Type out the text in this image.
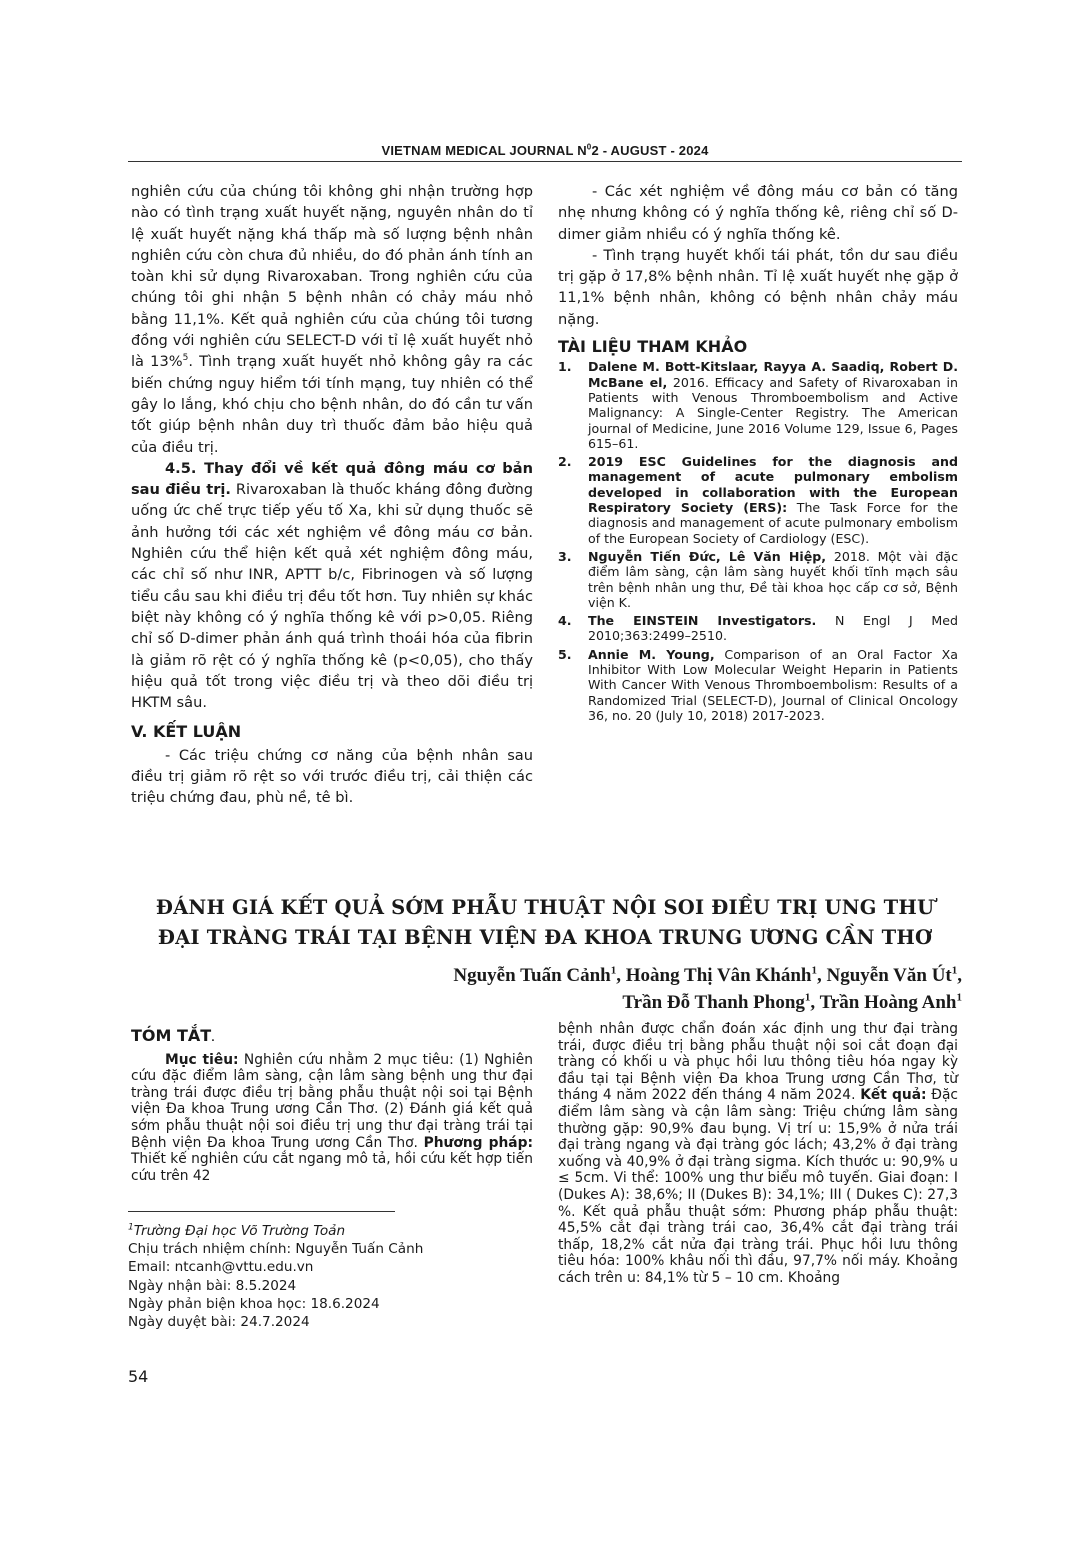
VIETNAM MEDICAL JOURNAL $N^02$ - AUGUST - 2024

nghiên cứu của chúng tôi không ghi nhận trường hợp nào có tình trạng xuất huyết nặng, nguyên nhân do tỉ lệ xuất huyết nặng khá thấp mà số lượng bệnh nhân nghiên cứu còn chưa đủ nhiều, do đó phản ánh tính an toàn khi sử dụng Rivaroxaban. Trong nghiên cứu của chúng tôi ghi nhận 5 bệnh nhân có chảy máu nhỏ bằng 11,1%. Kết quả nghiên cứu của chúng tôi tương đồng với nghiên cứu SELECT-D với tỉ lệ xuất huyết nhỏ là 13%$^5$. Tình trạng xuất huyết nhỏ không gây ra các biến chứng nguy hiểm tới tính mạng, tuy nhiên có thể gây lo lắng, khó chịu cho bệnh nhân, do đó cần tư vấn tốt giúp bệnh nhân duy trì thuốc đảm bảo hiệu quả của điều trị.

4.5. Thay đổi về kết quả đông máu cơ bản sau điều trị. Rivaroxaban là thuốc kháng đông đường uống ức chế trực tiếp yếu tố Xa, khi sử dụng thuốc sẽ ảnh hưởng tới các xét nghiệm về đông máu cơ bản. Nghiên cứu thể hiện kết quả xét nghiệm đông máu, các chỉ số như INR, APTT b/c, Fibrinogen và số lượng tiểu cầu sau khi điều trị đều tốt hơn. Tuy nhiên sự khác biệt này không có ý nghĩa thống kê với p>0,05. Riêng chỉ số D-dimer phản ánh quá trình thoái hóa của fibrin là giảm rõ rệt có ý nghĩa thống kê (p<0,05), cho thấy hiệu quả tốt trong việc điều trị và theo dõi điều trị HKTM sâu.

V. KẾT LUẬN

- Các triệu chứng cơ năng của bệnh nhân sau điều trị giảm rõ rệt so với trước điều trị, cải thiện các triệu chứng đau, phù nề, tê bì.

- Các xét nghiệm về đông máu cơ bản có tăng nhẹ nhưng không có ý nghĩa thống kê, riêng chỉ số D-dimer giảm nhiều có ý nghĩa thống kê.

- Tình trạng huyết khối tái phát, tồn dư sau điều trị gặp ở 17,8% bệnh nhân. Tỉ lệ xuất huyết nhẹ gặp ở 11,1% bệnh nhân, không có bệnh nhân chảy máu nặng.

TÀI LIỆU THAM KHẢO
1. Dalene M. Bott-Kitslaar, Rayya A. Saadiq, Robert D. McBane el, 2016. Efficacy and Safety of Rivaroxaban in Patients with Venous Thromboembolism and Active Malignancy: A Single-Center Registry. The American journal of Medicine, June 2016 Volume 129, Issue 6, Pages 615–61.
2. 2019 ESC Guidelines for the diagnosis and management of acute pulmonary embolism developed in collaboration with the European Respiratory Society (ERS): The Task Force for the diagnosis and management of acute pulmonary embolism of the European Society of Cardiology (ESC).
3. Nguyễn Tiến Đức, Lê Văn Hiệp, 2018. Một vài đặc điểm lâm sàng, cận lâm sàng huyết khối tĩnh mạch sâu trên bệnh nhân ung thư, Đề tài khoa học cấp cơ sở, Bệnh viện K.
4. The EINSTEIN Investigators. N Engl J Med 2010;363:2499–2510.
5. Annie M. Young, Comparison of an Oral Factor Xa Inhibitor With Low Molecular Weight Heparin in Patients With Cancer With Venous Thromboembolism: Results of a Randomized Trial (SELECT-D), Journal of Clinical Oncology 36, no. 20 (July 10, 2018) 2017-2023.
ĐÁNH GIÁ KẾT QUẢ SỚM PHẪU THUẬT NỘI SOI ĐIỀU TRỊ UNG THƯ
ĐẠI TRÀNG TRÁI TẠI BỆNH VIỆN ĐA KHOA TRUNG ƯƠNG CẦN THƠ
Nguyễn Tuấn Cảnh$^1$, Hoàng Thị Vân Khánh$^1$, Nguyễn Văn $Út^1$,
Trần Đỗ Thanh Phong$^1$, Trần Hoàng Anh$^1$
TÓM TẮT.

Mục tiêu: Nghiên cứu nhằm 2 mục tiêu: (1) Nghiên cứu đặc điểm lâm sàng, cận lâm sàng bệnh ung thư đại tràng trái được điều trị bằng phẫu thuật nội soi tại Bệnh viện Đa khoa Trung ương Cần Thơ. (2) Đánh giá kết quả sớm phẫu thuật nội soi điều trị ung thư đại tràng trái tại Bệnh viện Đa khoa Trung ương Cần Thơ. Phương pháp: Thiết kế nghiên cứu cắt ngang mô tả, hồi cứu kết hợp tiến cứu trên 42

bệnh nhân được chẩn đoán xác định ung thư đại tràng trái, được điều trị bằng phẫu thuật nội soi cắt đoạn đại tràng có khối u và phục hồi lưu thông tiêu hóa ngay kỳ đầu tại tại Bệnh viện Đa khoa Trung ương Cần Thơ, từ tháng 4 năm 2022 đến tháng 4 năm 2024. Kết quả: Đặc điểm lâm sàng và cận lâm sàng: Triệu chứng lâm sàng thường gặp: 90,9% đau bụng. Vị trí u: 15,9% ở nửa trái đại tràng ngang và đại tràng góc lách; 43,2% ở đại tràng xuống và 40,9% ở đại tràng sigma. Kích thước u: 90,9% u ≤ 5cm. Vi thể: 100% ung thư biểu mô tuyến. Giai đoạn: I (Dukes A): 38,6%; II (Dukes B): 34,1%; III ( Dukes C): 27,3 %. Kết quả phẫu thuật sớm: Phương pháp phẫu thuật: 45,5% cắt đại tràng trái cao, 36,4% cắt đại tràng trái thấp, 18,2% cắt nửa đại tràng trái. Phục hồi lưu thông tiêu hóa: 100% khâu nối thì đầu, 97,7% nối máy. Khoảng cách trên u: 84,1% từ 5 – 10 cm. Khoảng

$^1$Trường Đại học Võ Trường Toản
Chịu trách nhiệm chính: Nguyễn Tuấn Cảnh
Email: ntcanh@vttu.edu.vn
Ngày nhận bài: 8.5.2024
Ngày phản biện khoa học: 18.6.2024
Ngày duyệt bài: 24.7.2024
54
